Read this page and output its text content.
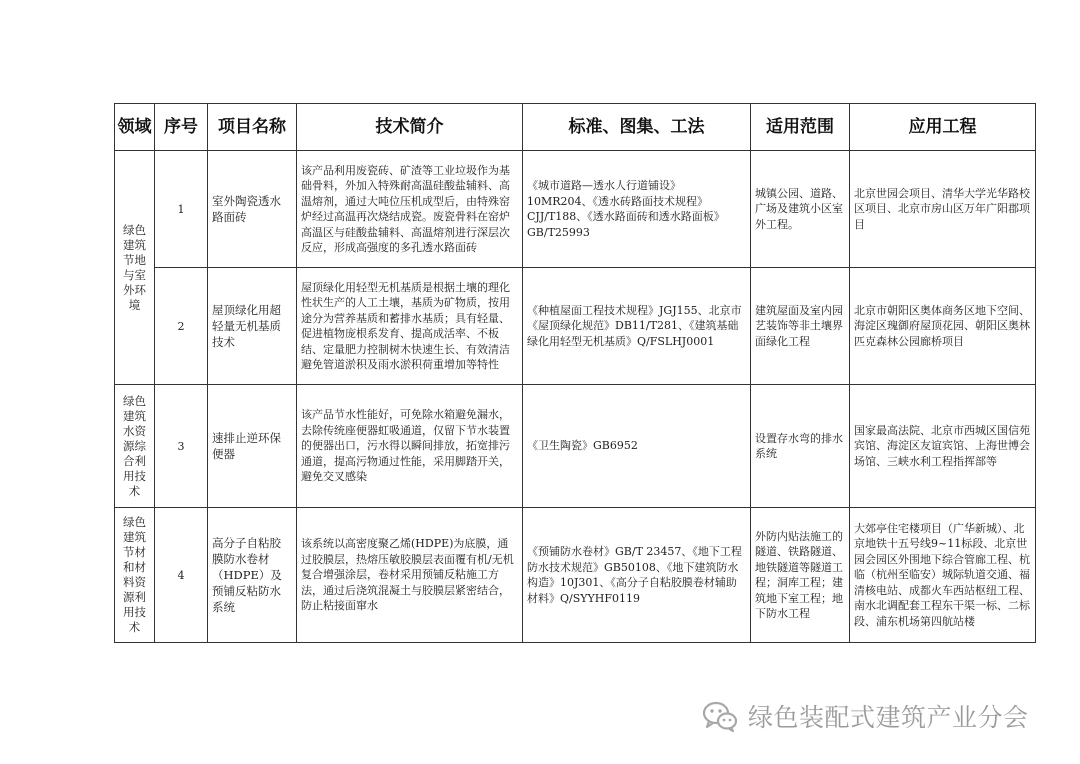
领域	序号	项目名称	技术简介	标准、图集、工法	适用范围	应用工程
绿色建筑节地与室外环境	1	室外陶瓷透水路面砖	该产品利用废瓷砖、矿渣等工业垃圾作为基础骨料，外加入特殊耐高温硅酸盐辅料、高温熔剂，通过大吨位压机成型后，由特殊窑炉经过高温再次烧结成瓷。废瓷骨料在窑炉高温区与硅酸盐辅料、高温熔剂进行深层次反应，形成高强度的多孔透水路面砖	《城市道路—透水人行道铺设》10MR204、《透水砖路面技术规程》CJJ/T188、《透水路面砖和透水路面板》GB/T25993	城镇公园、道路、广场及建筑小区室外工程。	北京世园会项目、清华大学光华路校区项目、北京市房山区万年广阳郡项目
	2	屋顶绿化用超轻量无机基质技术	屋顶绿化用轻型无机基质是根据土壤的理化性状生产的人工土壤，基质为矿物质，按用途分为营养基质和蓄排水基质；具有轻量、促进植物庞根系发育、提高成活率、不板结、定量肥力控制树木快速生长、有效清洁避免管道淤积及雨水淤积荷重增加等特性	《种植屋面工程技术规程》JGJ155、北京市《屋顶绿化规范》DB11/T281、《建筑基础绿化用轻型无机基质》Q/FSLHJ0001	建筑屋面及室内园艺装饰等非土壤界面绿化工程	北京市朝阳区奥体商务区地下空间、海淀区瑰御府屋顶花园、朝阳区奥林匹克森林公园廊桥项目
绿色建筑水资源综合利用技术	3	速排止逆环保便器	该产品节水性能好，可免除水箱避免漏水，去除传统座便器虹吸通道，仅留下节水装置的便器出口，污水得以瞬间排放，拓宽排污通道，提高污物通过性能，采用脚踏开关，避免交叉感染	《卫生陶瓷》GB6952	设置存水弯的排水系统	国家最高法院、北京市西城区国信苑宾馆、海淀区友谊宾馆、上海世博会场馆、三峡水利工程指挥部等
绿色建筑节材和材料资源利用技术	4	高分子自粘胶膜防水卷材（HDPE）及预铺反粘防水系统	该系统以高密度聚乙烯(HDPE)为底膜，通过胶膜层，热熔压敏胶膜层表面覆有机/无机复合增强涂层，卷材采用预铺反粘施工方法，通过后浇筑混凝土与胶膜层紧密结合，防止粘接面窜水	《预铺防水卷材》GB/T 23457、《地下工程防水技术规范》GB50108、《地下建筑防水构造》10J301、《高分子自粘胶膜卷材辅助材料》Q/SYYHF0119	外防内贴法施工的隧道、铁路隧道、地铁隧道等隧道工程；洞库工程；建筑地下室工程；地下防水工程	大郊亭住宅楼项目（广华新城）、北京地铁十五号线9~11标段、北京世园会园区外围地下综合管廊工程、杭临（杭州至临安）城际轨道交通、福清核电站、成都火车西站枢纽工程、南水北调配套工程东干渠一标、二标段、浦东机场第四航站楼
绿色装配式建筑产业分会
